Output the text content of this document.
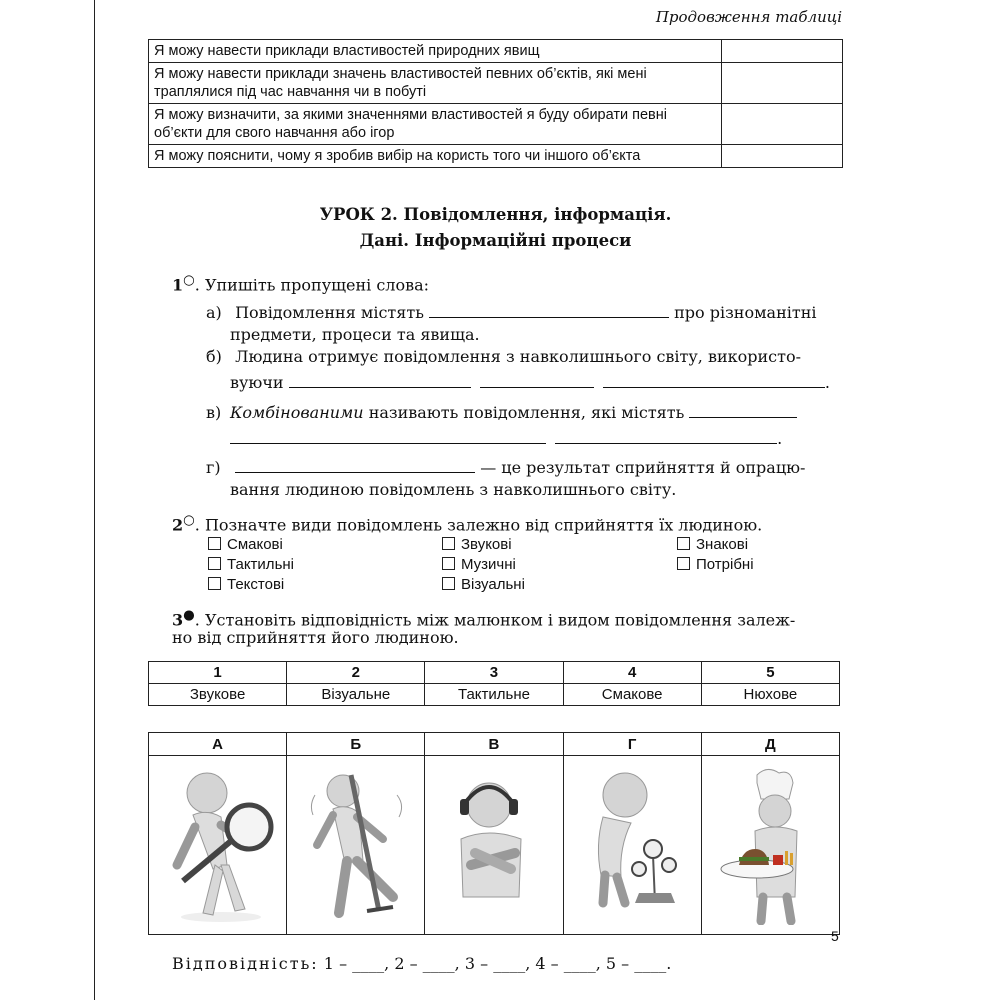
Продовження таблиці
Я можу навести приклади властивостей природних явищ	
Я можу навести приклади значень властивостей певних об’єктів, які мені траплялися під час навчання чи в побуті	
Я можу визначити, за якими значеннями властивостей я буду обирати певні об’єкти для свого навчання або ігор	
Я можу пояснити, чому я зробив вибір на користь того чи іншого об’єкта	
УРОК 2. Повідомлення, інформація.
Дані. Інформаційні процеси
1○. Упишіть пропущені слова:
а) Повідомлення містять	про різноманітні
предмети, процеси та явища.
б) Людина отримує повідомлення з навколишнього світу, використо-
вуючи	.
в) Комбінованими називають повідомлення, які містять
.
г)	— це результат сприйняття й опрацю-
вання людиною повідомлень з навколишнього світу.
2○. Позначте види повідомлень залежно від сприйняття їх людиною.
Смакові
Тактильні
Текстові
Звукові
Музичні
Візуальні
Знакові
Потрібні
3●. Установіть відповідність між малюнком і видом повідомлення залеж-
но від сприйняття його людиною.
1	2	3	4	5
Звукове	Візуальне	Тактильне	Смакове	Нюхове
А	Б	В	Г	Д

5
Відповідність: 1 – ____, 2 – ____, 3 – ____, 4 – ____, 5 – ____.
